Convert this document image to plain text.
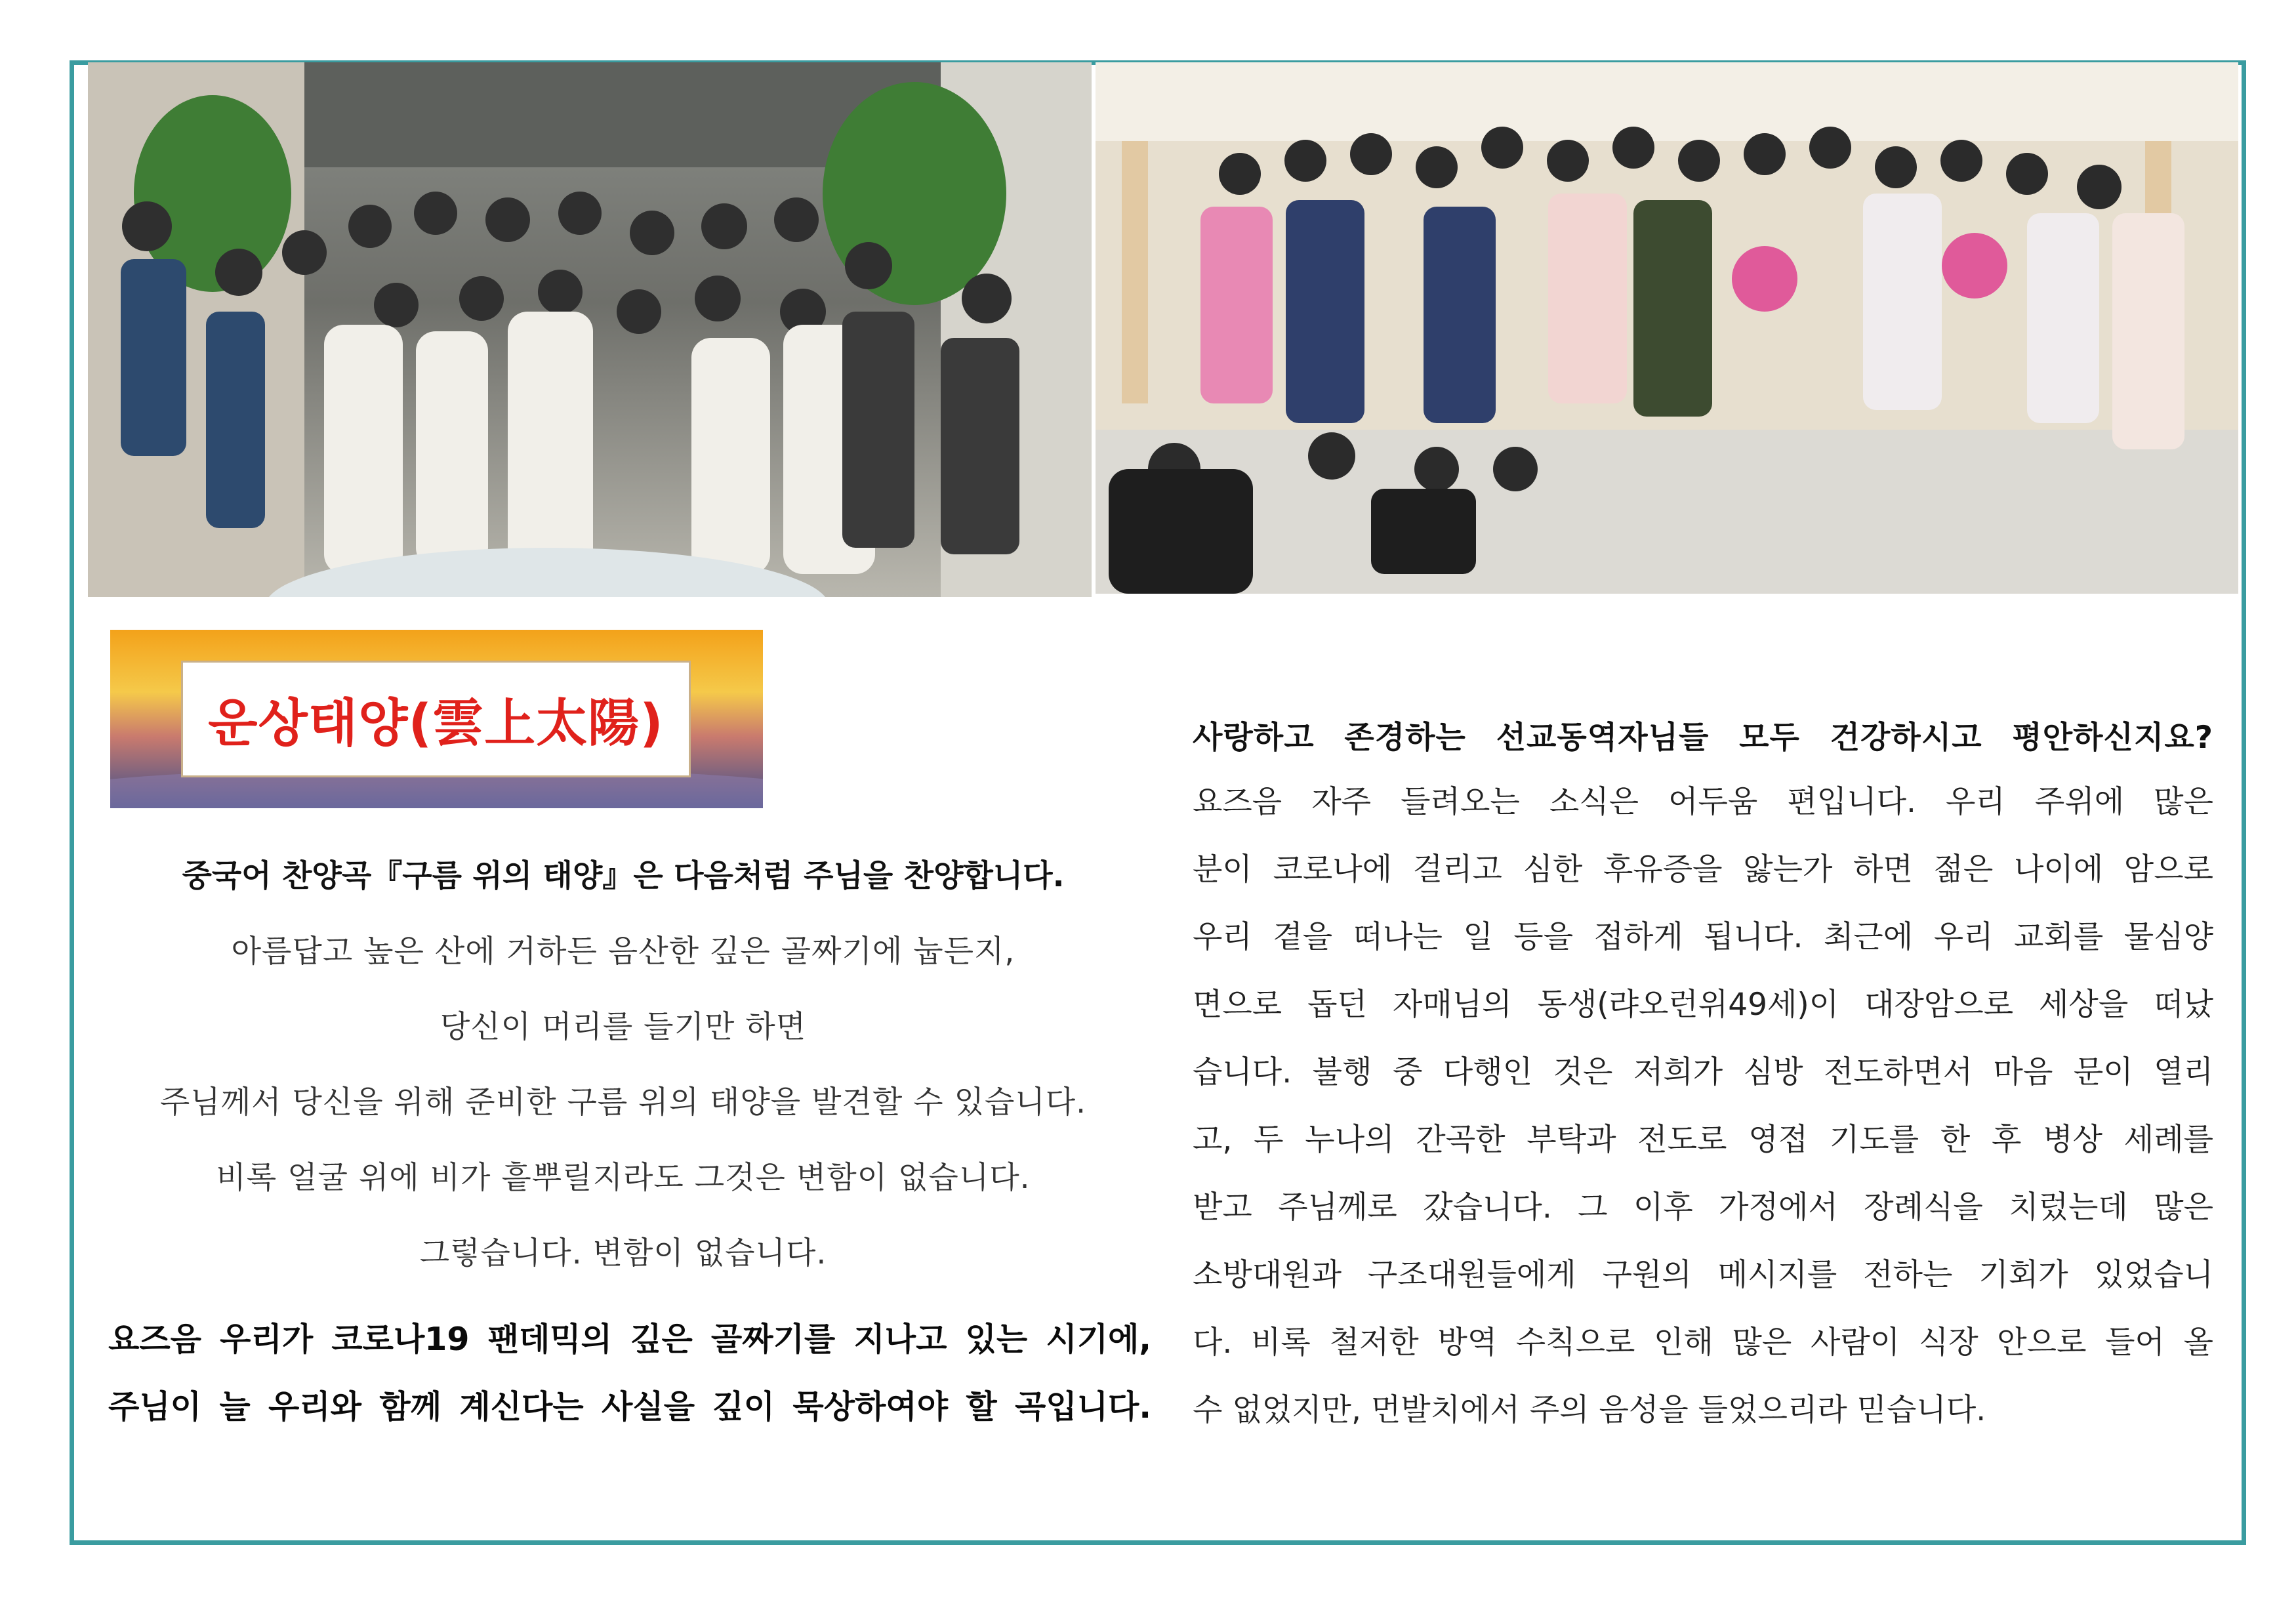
운상태양(雲上太陽)
중국어 찬양곡『구름 위의 태양』은 다음처럼 주님을 찬양합니다.
아름답고 높은 산에 거하든 음산한 깊은 골짜기에 눕든지,
당신이 머리를 들기만 하면
주님께서 당신을 위해 준비한 구름 위의 태양을 발견할 수 있습니다.
비록 얼굴 위에 비가 흩뿌릴지라도 그것은 변함이 없습니다.
그렇습니다. 변함이 없습니다.
요즈음 우리가 코로나19 팬데믹의 깊은 골짜기를 지나고 있는 시기에,
주님이 늘 우리와 함께 계신다는 사실을 깊이 묵상하여야 할 곡입니다.
사랑하고 존경하는 선교동역자님들 모두 건강하시고 평안하신지요?
요즈음 자주 들려오는 소식은 어두움 편입니다. 우리 주위에 많은
분이 코로나에 걸리고 심한 후유증을 앓는가 하면 젊은 나이에 암으로
우리 곁을 떠나는 일 등을 접하게 됩니다. 최근에 우리 교회를 물심양
면으로 돕던 자매님의 동생(랴오런위49세)이 대장암으로 세상을 떠났
습니다. 불행 중 다행인 것은 저희가 심방 전도하면서 마음 문이 열리
고, 두 누나의 간곡한 부탁과 전도로 영접 기도를 한 후 병상 세례를
받고 주님께로 갔습니다. 그 이후 가정에서 장례식을 치렀는데 많은
소방대원과 구조대원들에게 구원의 메시지를 전하는 기회가 있었습니
다. 비록 철저한 방역 수칙으로 인해 많은 사람이 식장 안으로 들어 올
수 없었지만, 먼발치에서 주의 음성을 들었으리라 믿습니다.
